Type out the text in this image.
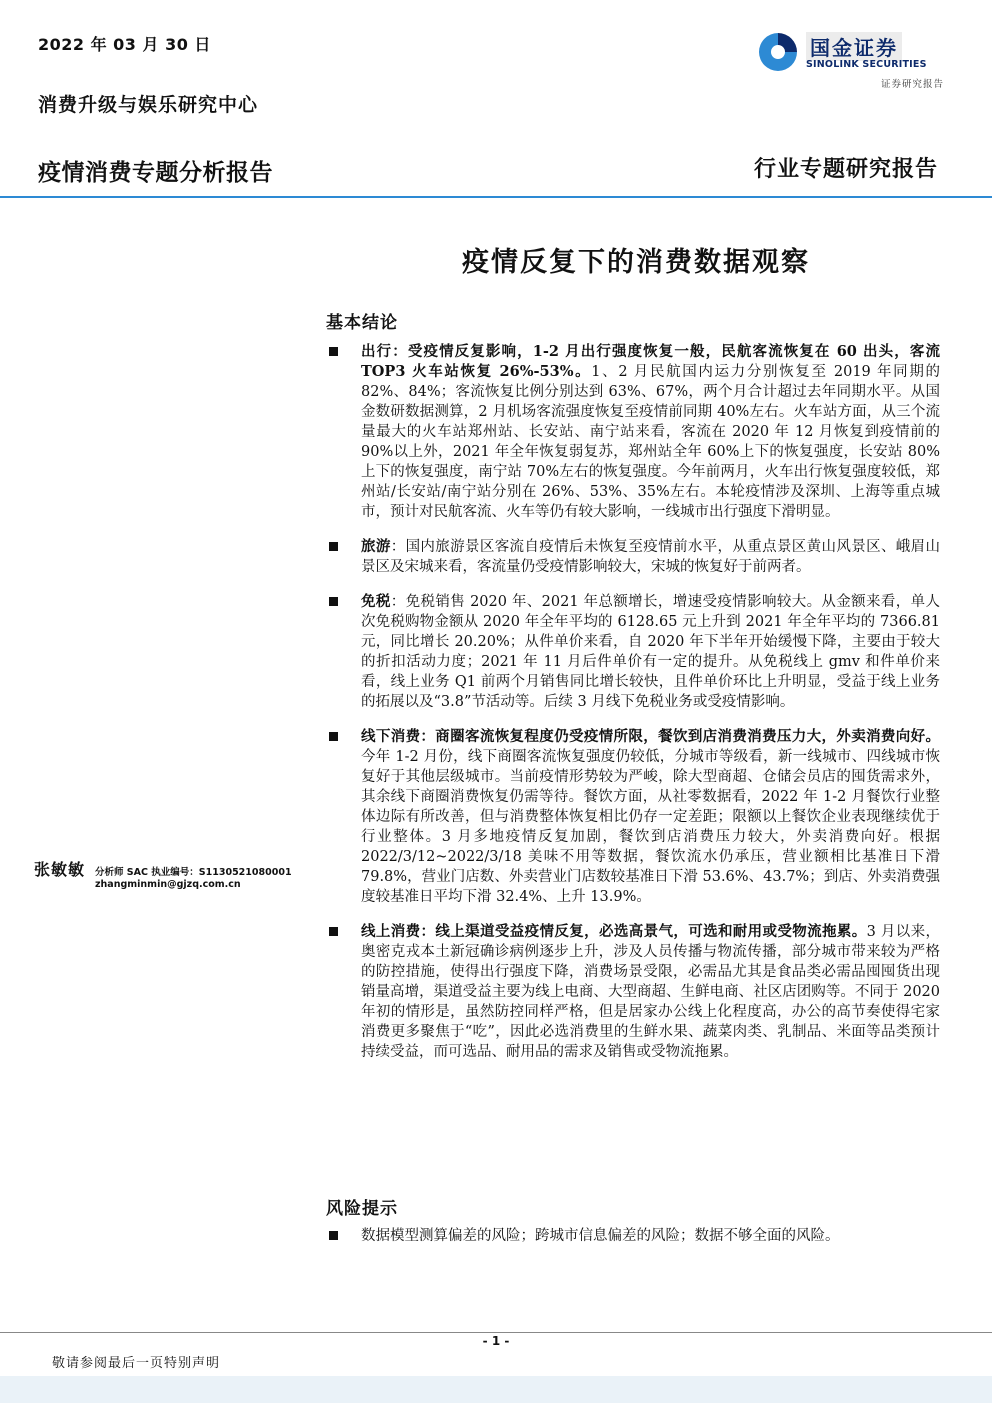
2022 年 03 月 30 日
消费升级与娱乐研究中心
疫情消费专题分析报告	行业专题研究报告
国金证券
SINOLINK SECURITIES
证券研究报告
疫情反复下的消费数据观察
基本结论
出行：受疫情反复影响，1-2 月出行强度恢复一般，民航客流恢复在 60 出头，客流 TOP3 火车站恢复 26%-53%。1、2 月民航国内运力分别恢复至 2019 年同期的 82%、84%；客流恢复比例分别达到 63%、67%，两个月合计超过去年同期水平。从国金数研数据测算，2 月机场客流强度恢复至疫情前同期 40%左右。火车站方面，从三个流量最大的火车站郑州站、长安站、南宁站来看，客流在 2020 年 12 月恢复到疫情前的 90%以上外，2021 年全年恢复弱复苏，郑州站全年 60%上下的恢复强度，长安站 80%上下的恢复强度，南宁站 70%左右的恢复强度。今年前两月，火车出行恢复强度较低，郑州站/长安站/南宁站分别在 26%、53%、35%左右。本轮疫情涉及深圳、上海等重点城市，预计对民航客流、火车等仍有较大影响，一线城市出行强度下滑明显。
旅游：国内旅游景区客流自疫情后未恢复至疫情前水平，从重点景区黄山风景区、峨眉山景区及宋城来看，客流量仍受疫情影响较大，宋城的恢复好于前两者。
免税：免税销售 2020 年、2021 年总额增长，增速受疫情影响较大。从金额来看，单人次免税购物金额从 2020 年全年平均的 6128.65 元上升到 2021 年全年平均的 7366.81 元，同比增长 20.20%；从件单价来看，自 2020 年下半年开始缓慢下降，主要由于较大的折扣活动力度；2021 年 11 月后件单价有一定的提升。从免税线上 gmv 和件单价来看，线上业务 Q1 前两个月销售同比增长较快，且件单价环比上升明显，受益于线上业务的拓展以及“3.8”节活动等。后续 3 月线下免税业务或受疫情影响。
线下消费：商圈客流恢复程度仍受疫情所限，餐饮到店消费消费压力大，外卖消费向好。今年 1-2 月份，线下商圈客流恢复强度仍较低，分城市等级看，新一线城市、四线城市恢复好于其他层级城市。当前疫情形势较为严峻，除大型商超、仓储会员店的囤货需求外，其余线下商圈消费恢复仍需等待。餐饮方面，从社零数据看，2022 年 1-2 月餐饮行业整体边际有所改善，但与消费整体恢复相比仍存一定差距；限额以上餐饮企业表现继续优于行业整体。3 月多地疫情反复加剧，餐饮到店消费压力较大，外卖消费向好。根据 2022/3/12~2022/3/18 美味不用等数据，餐饮流水仍承压，营业额相比基准日下滑 79.8%，营业门店数、外卖营业门店数较基准日下滑 53.6%、43.7%；到店、外卖消费强度较基准日平均下滑 32.4%、上升 13.9%。
线上消费：线上渠道受益疫情反复，必选高景气，可选和耐用或受物流拖累。3 月以来，奥密克戎本土新冠确诊病例逐步上升，涉及人员传播与物流传播，部分城市带来较为严格的防控措施，使得出行强度下降，消费场景受限，必需品尤其是食品类必需品囤囤货出现销量高增，渠道受益主要为线上电商、大型商超、生鲜电商、社区店团购等。不同于 2020 年初的情形是，虽然防控同样严格，但是居家办公线上化程度高，办公的高节奏使得宅家消费更多聚焦于“吃”，因此必选消费里的生鲜水果、蔬菜肉类、乳制品、米面等品类预计持续受益，而可选品、耐用品的需求及销售或受物流拖累。
风险提示
数据模型测算偏差的风险；跨城市信息偏差的风险；数据不够全面的风险。
张敏敏 分析师 SAC 执业编号：S1130521080001
zhangminmin@gjzq.com.cn
- 1 -
敬请参阅最后一页特别声明
